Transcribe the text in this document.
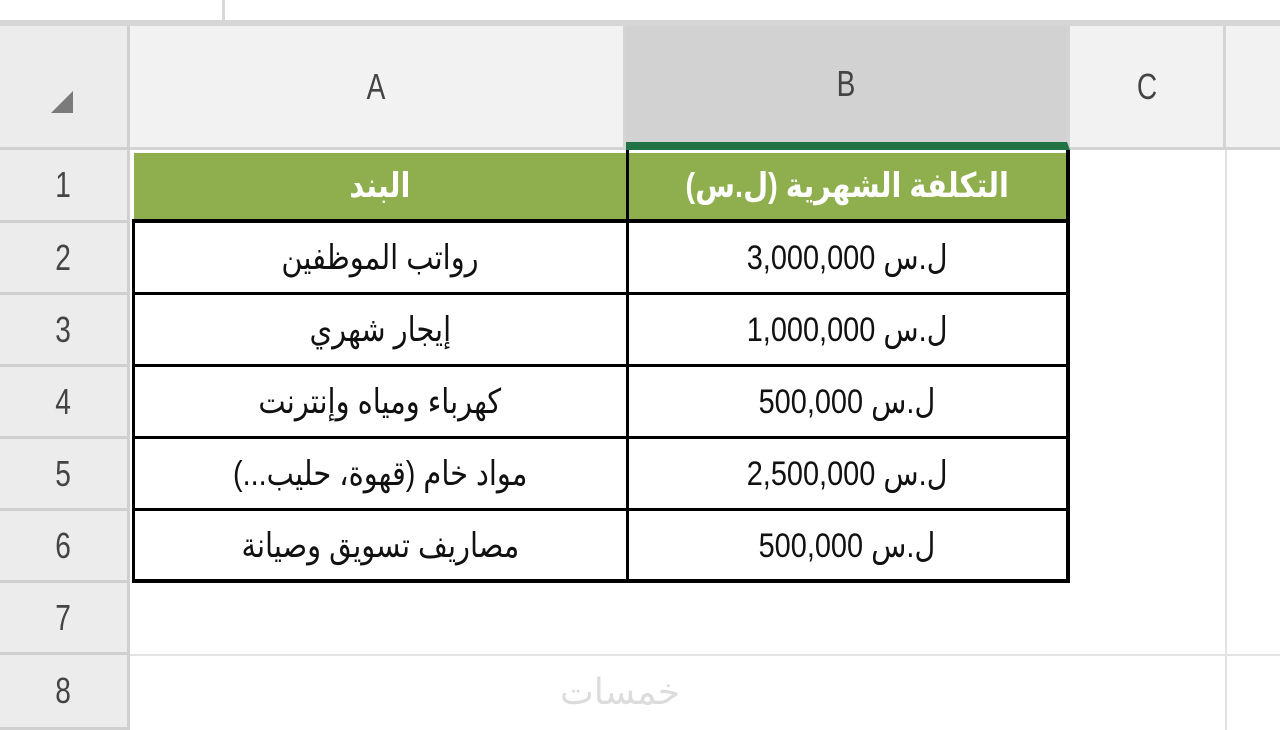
A	B	C
1
2
3
4
5
6
7
8
البند	التكلفة الشهرية (ل.س)
رواتب الموظفين	ل.س 3,000,000
إيجار شهري	ل.س 1,000,000
كهرباء ومياه وإنترنت	ل.س 500,000
مواد خام (قهوة، حليب...)	ل.س 2,500,000
مصاريف تسويق وصيانة	ل.س 500,000
خمسات
